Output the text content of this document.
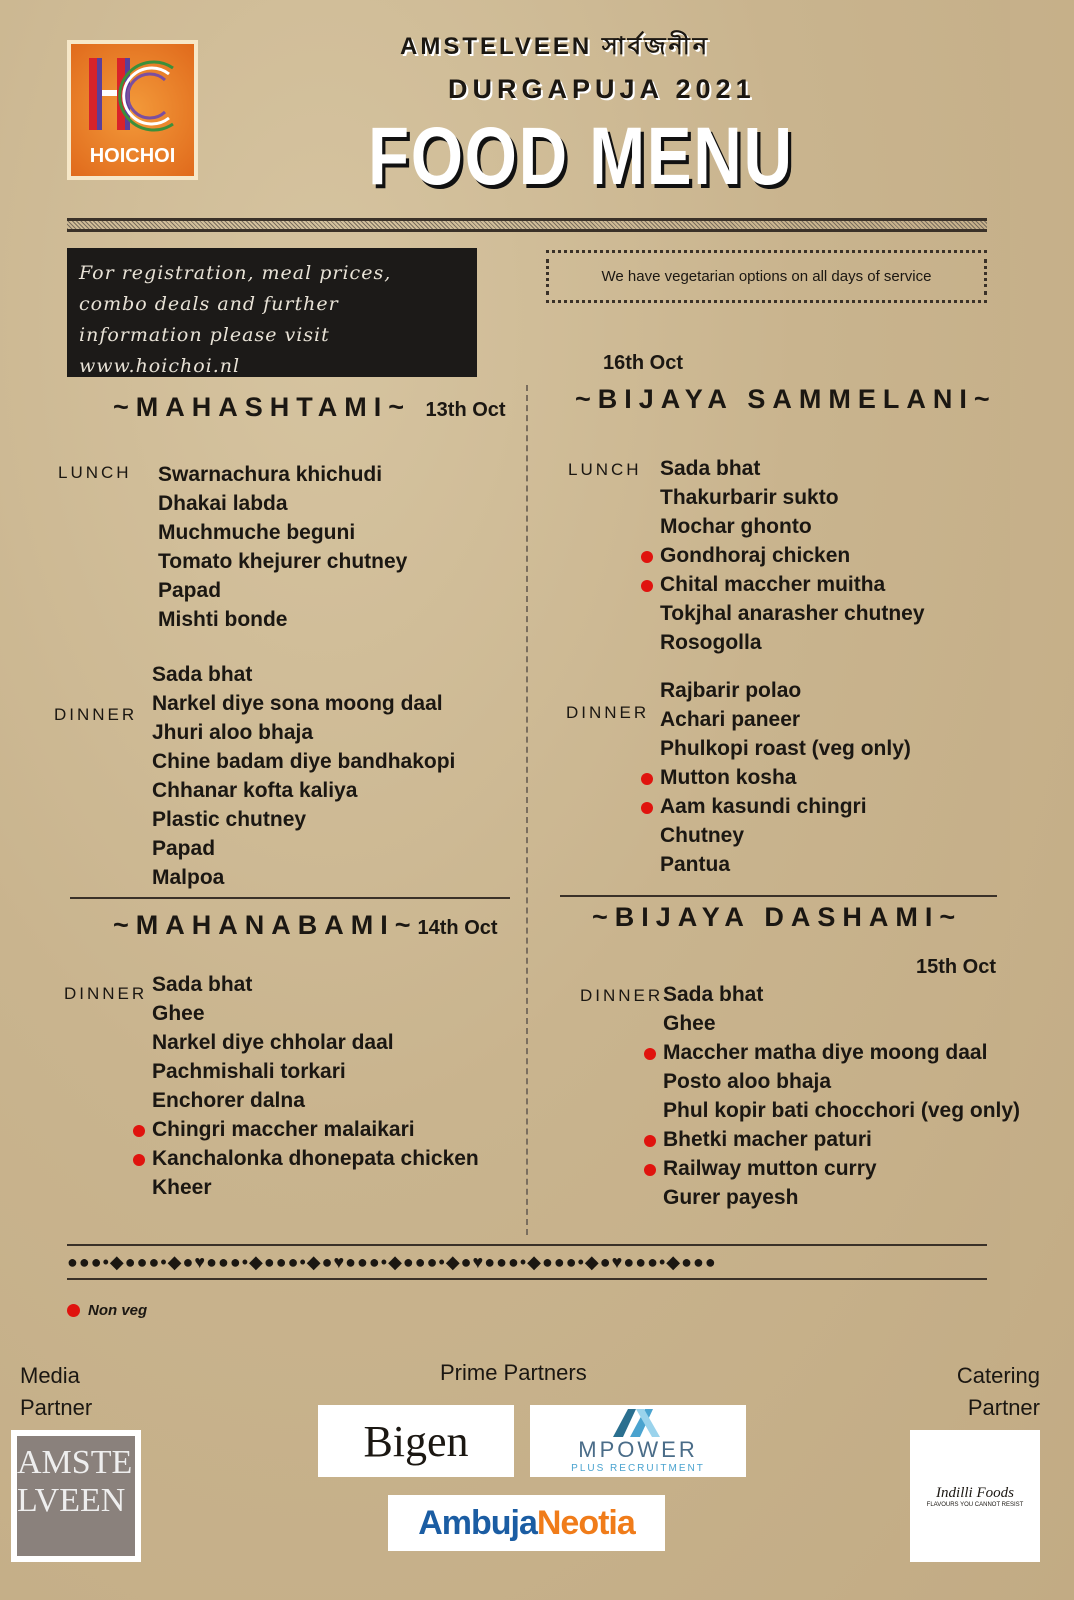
HOICHOI
AMSTELVEEN সার্বজনীন
DURGAPUJA 2021
FOOD MENU
For registration, meal prices, combo deals and further information please visit www.hoichoi.nl
We have vegetarian options on all days of service
~MAHASHTAMI~ 13th Oct
LUNCH Swarnachura khichudi
Dhakai labda
Muchmuche beguni
Tomato khejurer chutney
Papad
Mishti bonde
DINNER
Sada bhat
Narkel diye sona moong daal
Jhuri aloo bhaja
Chine badam diye bandhakopi
Chhanar kofta kaliya
Plastic chutney
Papad
Malpoa
~MAHANABAMI~14th Oct
DINNER Sada bhat
Ghee
Narkel diye chholar daal
Pachmishali torkari
Enchorer dalna
Chingri maccher malaikari
Kanchalonka dhonepata chicken
Kheer
16th Oct
~BIJAYA SAMMELANI~
LUNCH Sada bhat
Thakurbarir sukto
Mochar ghonto
Gondhoraj chicken
Chital maccher muitha
Tokjhal anarasher chutney
Rosogolla
DINNER
Rajbarir polao
Achari paneer
Phulkopi roast (veg only)
Mutton kosha
Aam kasundi chingri
Chutney
Pantua
~BIJAYA DASHAMI~
15th Oct
DINNER Sada bhat
Ghee
Maccher matha diye moong daal
Posto aloo bhaja
Phul kopir bati chocchori (veg only)
Bhetki macher paturi
Railway mutton curry
Gurer payesh
●●●•◆●●●•◆●♥●●●•◆●●●•◆●♥●●●•◆●●●•◆●♥●●●•◆●●●•◆●♥●●●•◆●●●
Non veg
Media Partner
Prime Partners	Catering Partner
AMSTELVEEN
Bigen	MPOWER
PLUS RECRUITMENT
Ambuja Neotia
Indilli Foods
FLAVOURS YOU CANNOT RESIST
